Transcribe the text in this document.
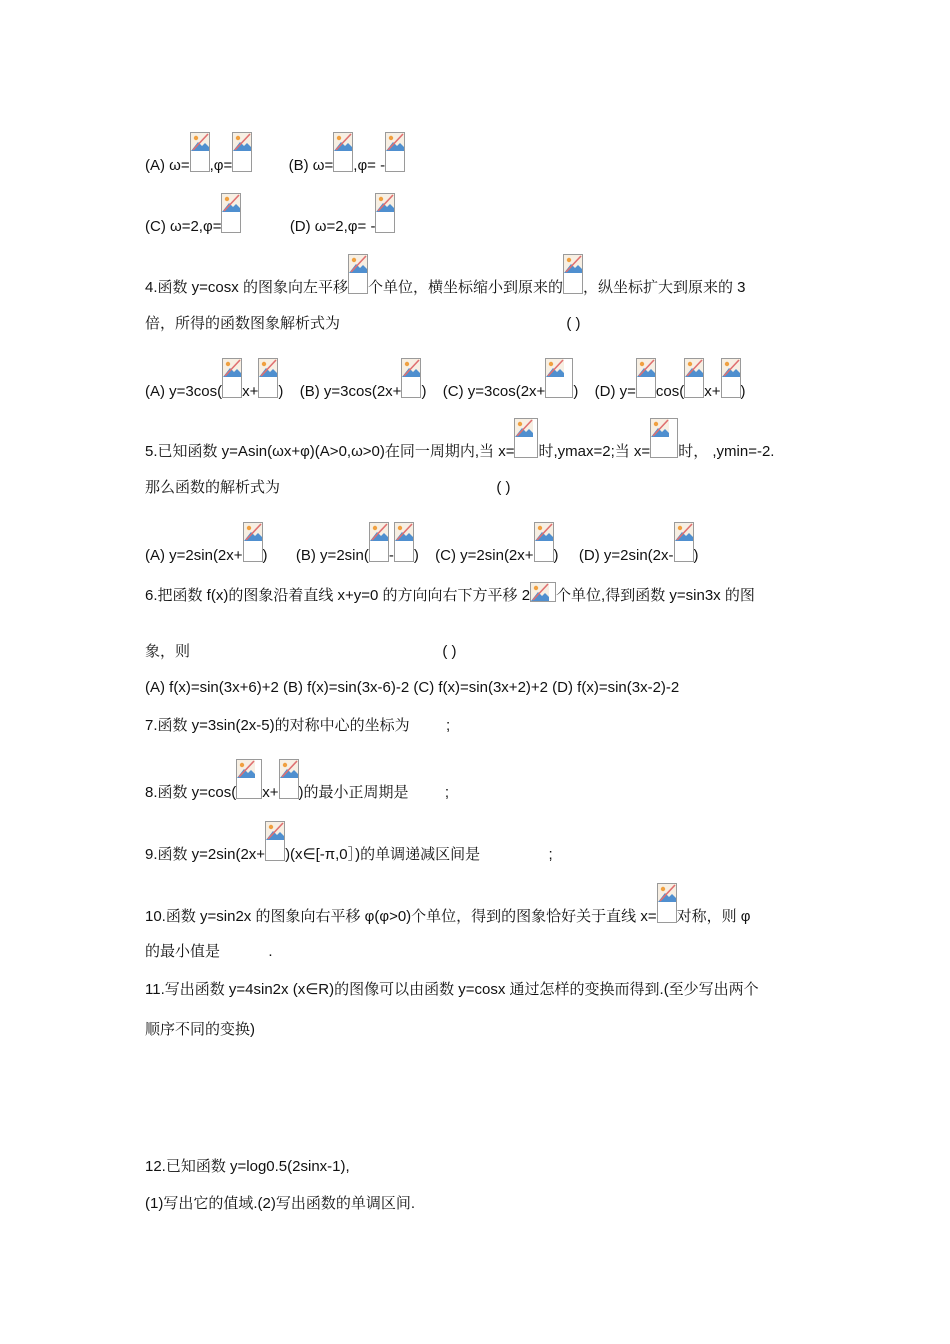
(A) ω= ,φ=	(B) ω= ,φ= -
(C) ω=2,φ=	(D) ω=2,φ= -
4.函数 y=cosx 的图象向左平移 个单位，横坐标缩小到原来的 ，纵坐标扩大到原来的 3
倍，所得的函数图象解析式为	( )
(A) y=3cos( x+ ) (B) y=3cos(2x+ ) (C) y=3cos(2x+ ) (D) y= cos( x+ )
5.已知函数 y=Asin(ωx+φ)(A>0,ω>0)在同一周期内,当 x= 时,ymax=2;当 x= 时， ,ymin=-2.
那么函数的解析式为	( )
(A) y=2sin(2x+ ) (B) y=2sin( - ) (C) y=2sin(2x+ ) (D) y=2sin(2x- )
6.把函数 f(x)的图象沿着直线 x+y=0 的方向向右下方平移 2 个单位,得到函数 y=sin3x 的图
象，则	( )
(A) f(x)=sin(3x+6)+2 (B) f(x)=sin(3x-6)-2 (C) f(x)=sin(3x+2)+2 (D) f(x)=sin(3x-2)-2
7.函数 y=3sin(2x-5)的对称中心的坐标为 ;
8.函数 y=cos( x+ )的最小正周期是 ;
9.函数 y=2sin(2x+ )(x∈[-π,0］)的单调递减区间是	;
10.函数 y=sin2x 的图象向右平移 φ(φ>0)个单位，得到的图象恰好关于直线 x= 对称，则 φ
的最小值是	.
11.写出函数 y=4sin2x (x∈R)的图像可以由函数 y=cosx 通过怎样的变换而得到.(至少写出两个
顺序不同的变换)
12.已知函数 y=log0.5(2sinx-1),
(1)写出它的值域.(2)写出函数的单调区间.
